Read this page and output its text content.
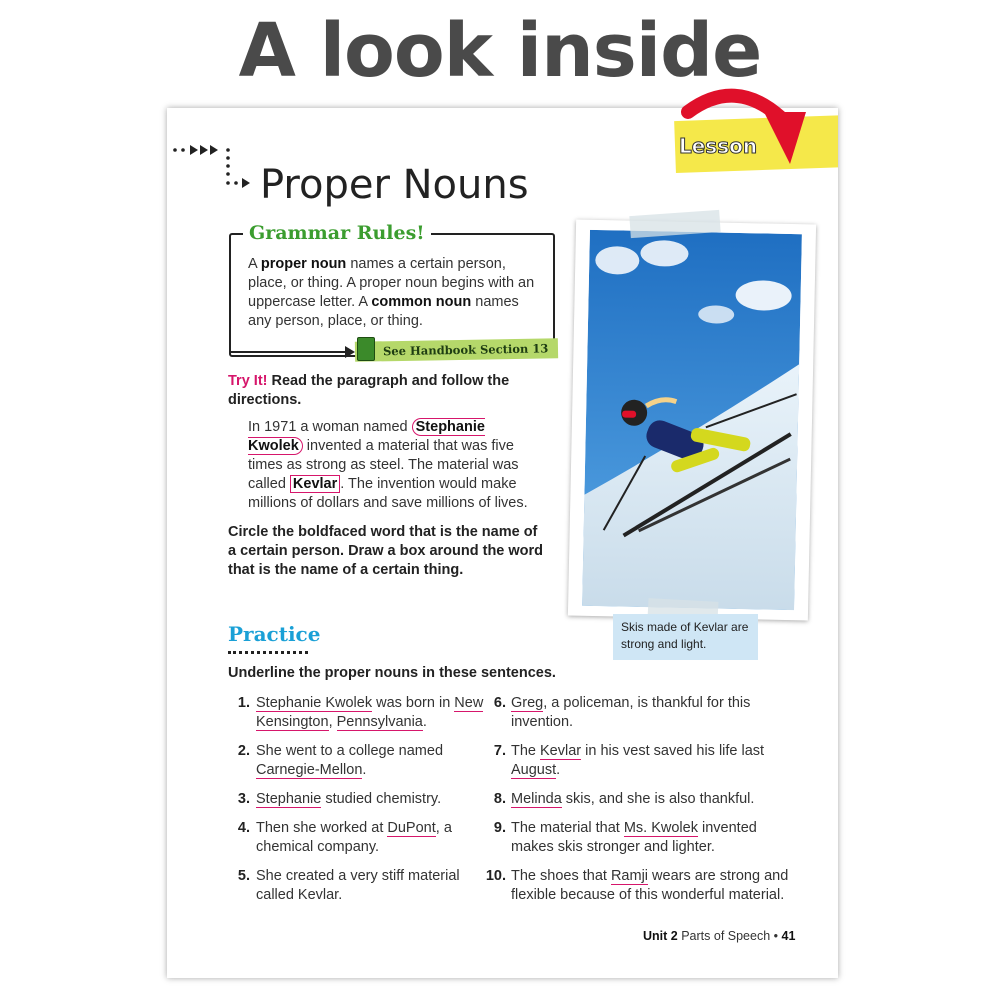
A look inside
Lesson
Proper Nouns
Grammar Rules!
A proper noun names a certain person, place, or thing. A proper noun begins with an uppercase letter. A common noun names any person, place, or thing.
See Handbook Section 13
Try It! Read the paragraph and follow the directions.
In 1971 a woman named Stephanie Kwolek invented a material that was five times as strong as steel. The material was called Kevlar . The invention would make millions of dollars and save millions of lives.
Circle the boldfaced word that is the name of a certain person. Draw a box around the word that is the name of a certain thing.
Skis made of Kevlar are strong and light.
Practice
Underline the proper nouns in these sentences.
1. Stephanie Kwolek was born in New Kensington, Pennsylvania.
2. She went to a college named Carnegie-Mellon.
3. Stephanie studied chemistry.
4. Then she worked at DuPont, a chemical company.
5. She created a very stiff material called Kevlar.
6. Greg, a policeman, is thankful for this invention.
7. The Kevlar in his vest saved his life last August.
8. Melinda skis, and she is also thankful.
9. The material that Ms. Kwolek invented makes skis stronger and lighter.
10. The shoes that Ramji wears are strong and flexible because of this wonderful material.
Unit 2 Parts of Speech • 41
